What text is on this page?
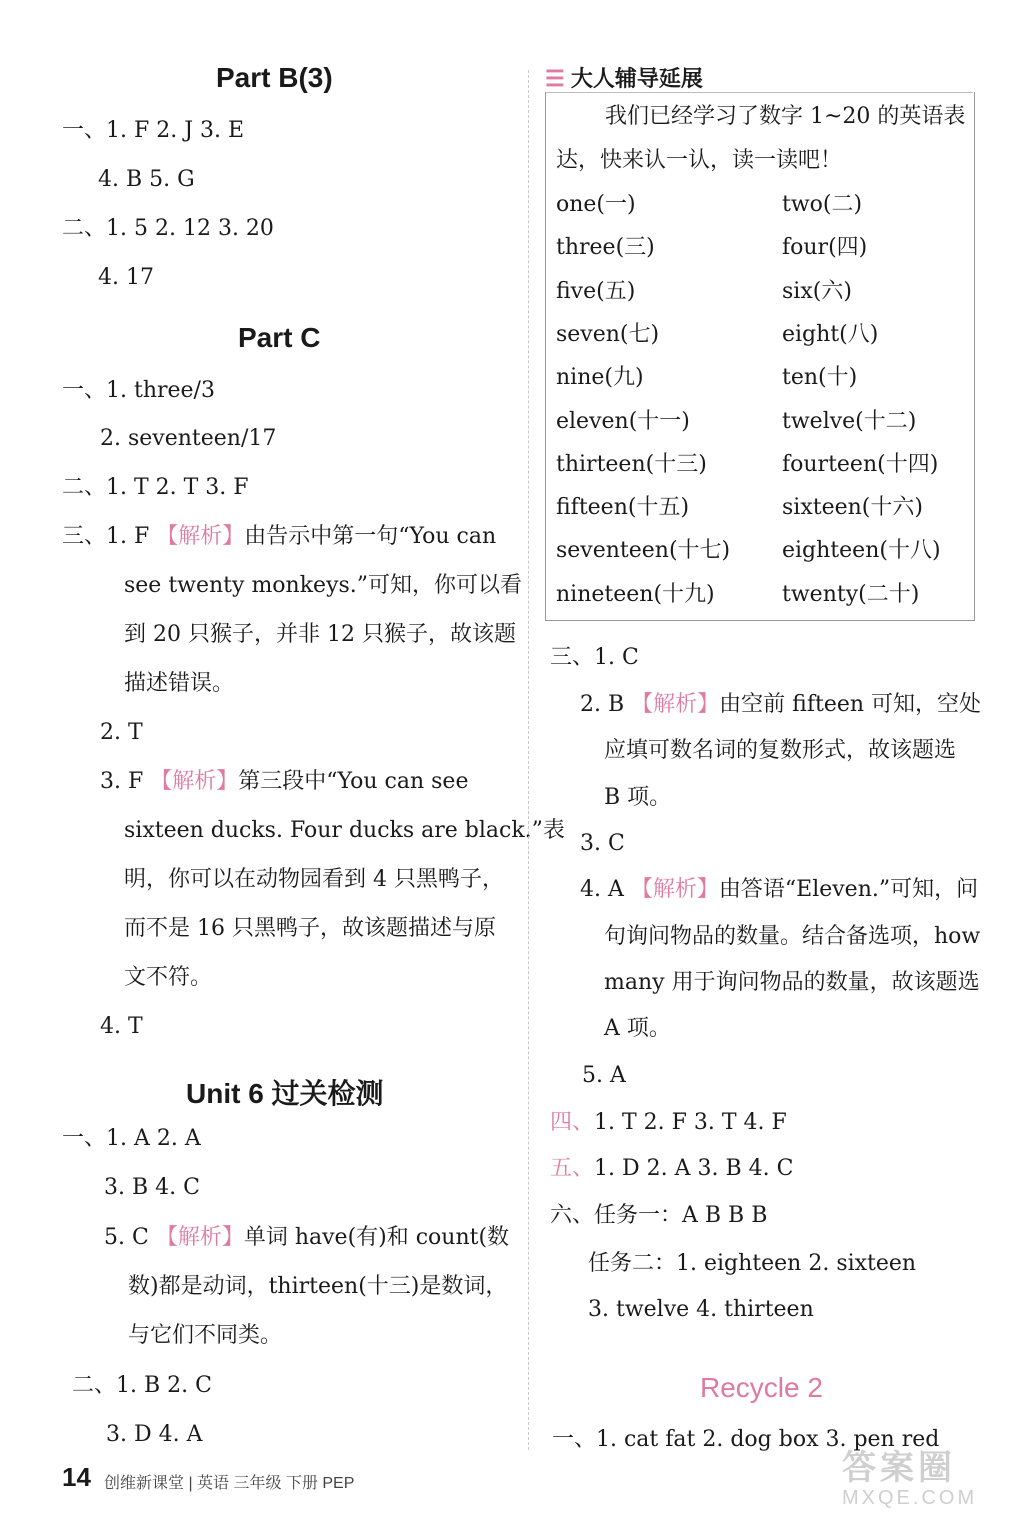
Part B(3)
一、1. F 2. J 3. E
4. B 5. G
二、1. 5 2. 12 3. 20
4. 17
Part C
一、1. three/3
2. seventeen/17
二、1. T 2. T 3. F
三、1. F 【解析】由告示中第一句“You can
see twenty monkeys.”可知，你可以看
到 20 只猴子，并非 12 只猴子，故该题
描述错误。
2. T
3. F 【解析】第三段中“You can see
sixteen ducks. Four ducks are black.”表
明，你可以在动物园看到 4 只黑鸭子，
而不是 16 只黑鸭子，故该题描述与原
文不符。
4. T
Unit 6 过关检测
一、1. A 2. A
3. B 4. C
5. C 【解析】单词 have(有)和 count(数
数)都是动词，thirteen(十三)是数词，
与它们不同类。
二、1. B 2. C
3. D 4. A
☰ 大人辅导延展
我们已经学习了数字 1~20 的英语表
达，快来认一认，读一读吧！
one(一)	two(二)
three(三)	four(四)
five(五)	six(六)
seven(七)	eight(八)
nine(九)	ten(十)
eleven(十一)	twelve(十二)
thirteen(十三)	fourteen(十四)
fifteen(十五)	sixteen(十六)
seventeen(十七) eighteen(十八)
nineteen(十九)	twenty(二十)
三、1. C
2. B 【解析】由空前 fifteen 可知，空处
应填可数名词的复数形式，故该题选
B 项。
3. C
4. A 【解析】由答语“Eleven.”可知，问
句询问物品的数量。结合备选项，how
many 用于询问物品的数量，故该题选
A 项。
5. A
四、1. T 2. F 3. T 4. F
五、1. D 2. A 3. B 4. C
六、任务一：A B B B
任务二：1. eighteen 2. sixteen
3. twelve 4. thirteen
Recycle 2
一、1. cat fat 2. dog box 3. pen red
14 创维新课堂 | 英语 三年级 下册 PEP	答案圈
MXQE.COM
